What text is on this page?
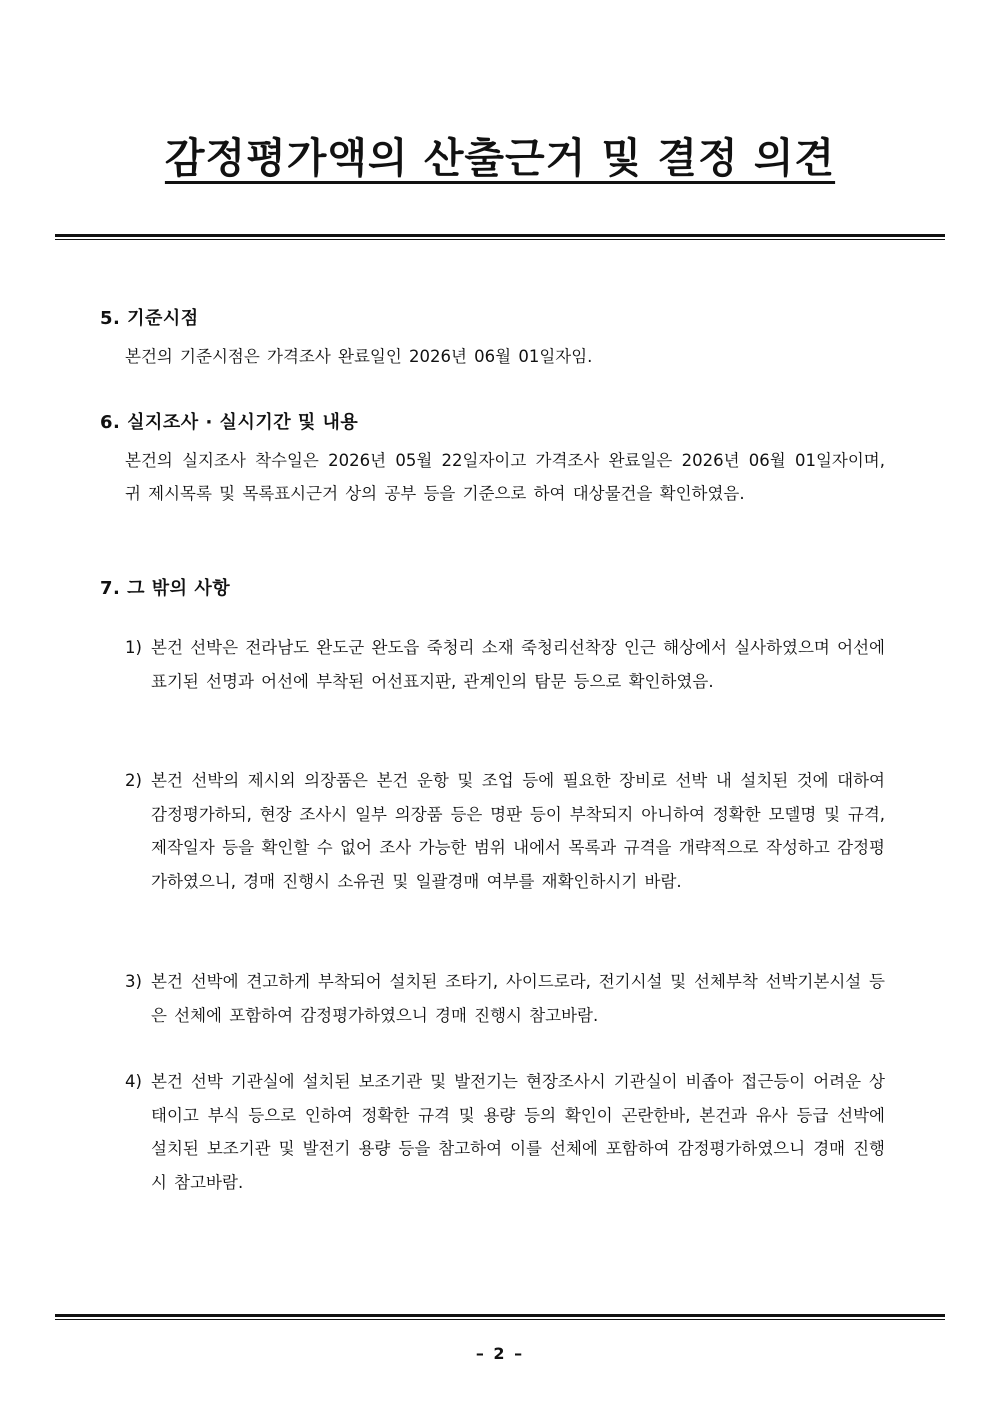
감정평가액의 산출근거 및 결정 의견

5. 기준시점

본건의 기준시점은 가격조사 완료일인 2026년 06월 01일자임.

6. 실지조사 · 실시기간 및 내용

본건의 실지조사 착수일은 2026년 05월 22일자이고 가격조사 완료일은 2026년 06월 01일자이며, 귀 제시목록 및 목록표시근거 상의 공부 등을 기준으로 하여 대상물건을 확인하였음.

7. 그 밖의 사항

1) 본건 선박은 전라남도 완도군 완도읍 죽청리 소재 죽청리선착장 인근 해상에서 실사하였으며 어선에 표기된 선명과 어선에 부착된 어선표지판, 관계인의 탐문 등으로 확인하였음.
2) 본건 선박의 제시외 의장품은 본건 운항 및 조업 등에 필요한 장비로 선박 내 설치된 것에 대하여 감정평가하되, 현장 조사시 일부 의장품 등은 명판 등이 부착되지 아니하여 정확한 모델명 및 규격, 제작일자 등을 확인할 수 없어 조사 가능한 범위 내에서 목록과 규격을 개략적으로 작성하고 감정평가하였으니, 경매 진행시 소유권 및 일괄경매 여부를 재확인하시기 바람.
3) 본건 선박에 견고하게 부착되어 설치된 조타기, 사이드로라, 전기시설 및 선체부착 선박기본시설 등은 선체에 포함하여 감정평가하였으니 경매 진행시 참고바람.
4) 본건 선박 기관실에 설치된 보조기관 및 발전기는 현장조사시 기관실이 비좁아 접근등이 어려운 상태이고 부식 등으로 인하여 정확한 규격 및 용량 등의 확인이 곤란한바, 본건과 유사 등급 선박에 설치된 보조기관 및 발전기 용량 등을 참고하여 이를 선체에 포함하여 감정평가하였으니 경매 진행시 참고바람.
– 2 –
